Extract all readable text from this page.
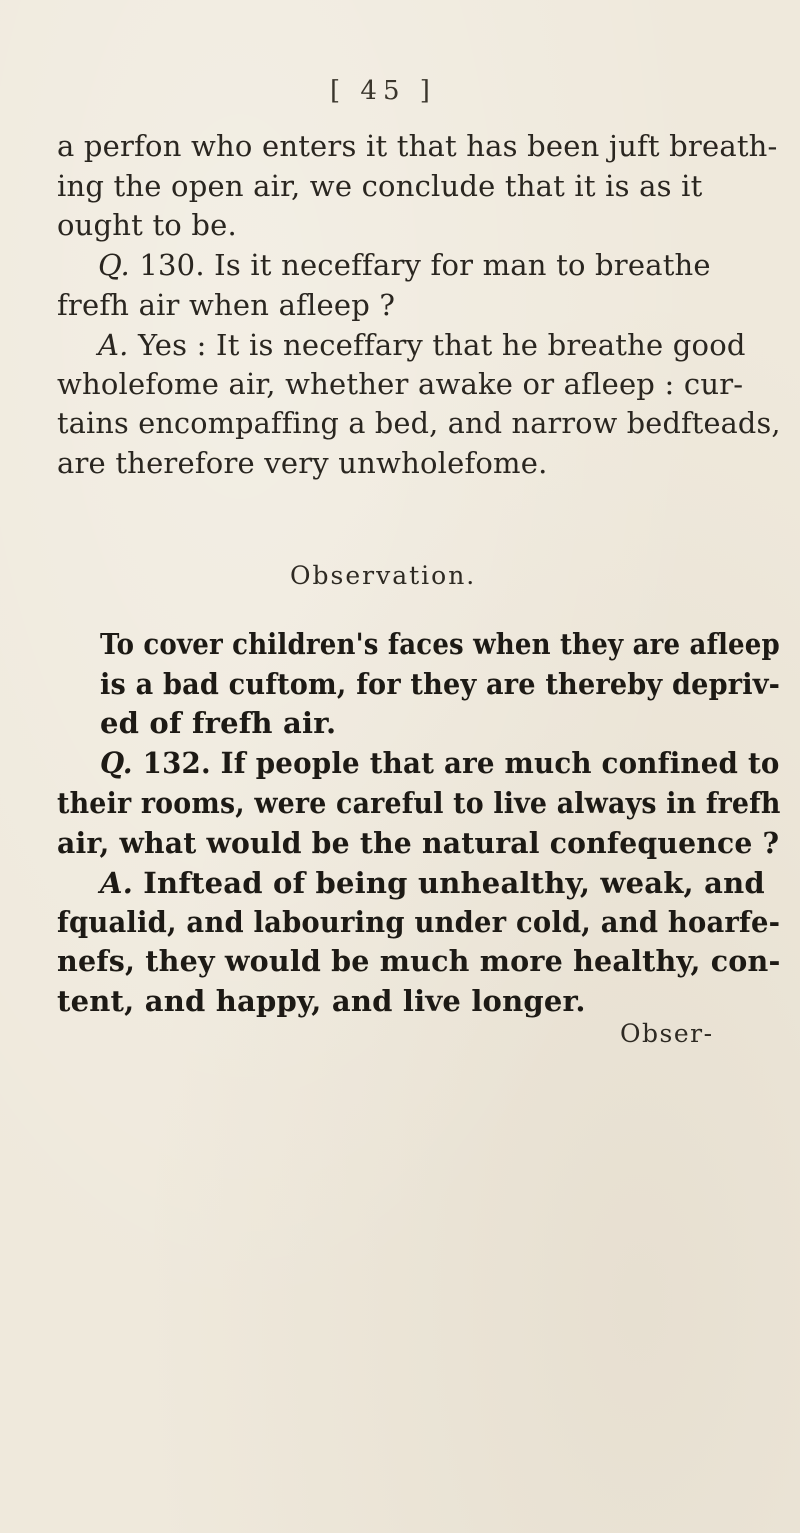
[ 45 ]
a perfon who enters it that has been juft breath-
ing the open air, we conclude that it is as it
ought to be.
Q. 130. Is it neceffary for man to breathe
frefh air when afleep ?
A. Yes : It is neceffary that he breathe good
wholefome air, whether awake or afleep : cur-
tains encompaffing a bed, and narrow bedfteads,
are therefore very unwholefome.
Observation.
To cover children's faces when they are afleep
is a bad cuftom, for they are thereby depriv-
ed of frefh air.
Q. 132. If people that are much confined to
their rooms, were careful to live always in frefh
air, what would be the natural confequence ?
A. Inftead of being unhealthy, weak, and
fqualid, and labouring under cold, and hoarfe-
nefs, they would be much more healthy, con-
tent, and happy, and live longer.
Obser-
